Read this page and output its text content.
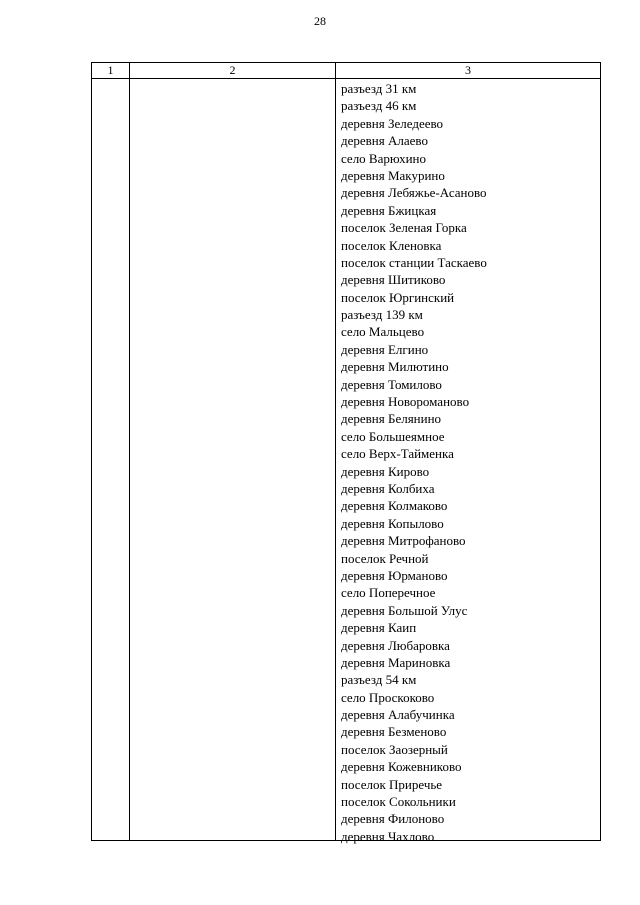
28
1	2	3
разъезд 31 км
разъезд 46 км
деревня Зеледеево
деревня Алаево
село Варюхино
деревня Макурино
деревня Лебяжье-Асаново
деревня Бжицкая
поселок Зеленая Горка
поселок Кленовка
поселок станции Таскаево
деревня Шитиково
поселок Юргинский
разъезд 139 км
село Мальцево
деревня Елгино
деревня Милютино
деревня Томилово
деревня Новороманово
деревня Белянино
село Большеямное
село Верх-Тайменка
деревня Кирово
деревня Колбиха
деревня Колмаково
деревня Копылово
деревня Митрофаново
поселок Речной
деревня Юрманово
село Поперечное
деревня Большой Улус
деревня Каип
деревня Любаровка
деревня Мариновка
разъезд 54 км
село Проскоково
деревня Алабучинка
деревня Безменово
поселок Заозерный
деревня Кожевниково
поселок Приречье
поселок Сокольники
деревня Филоново
деревня Чахлово
